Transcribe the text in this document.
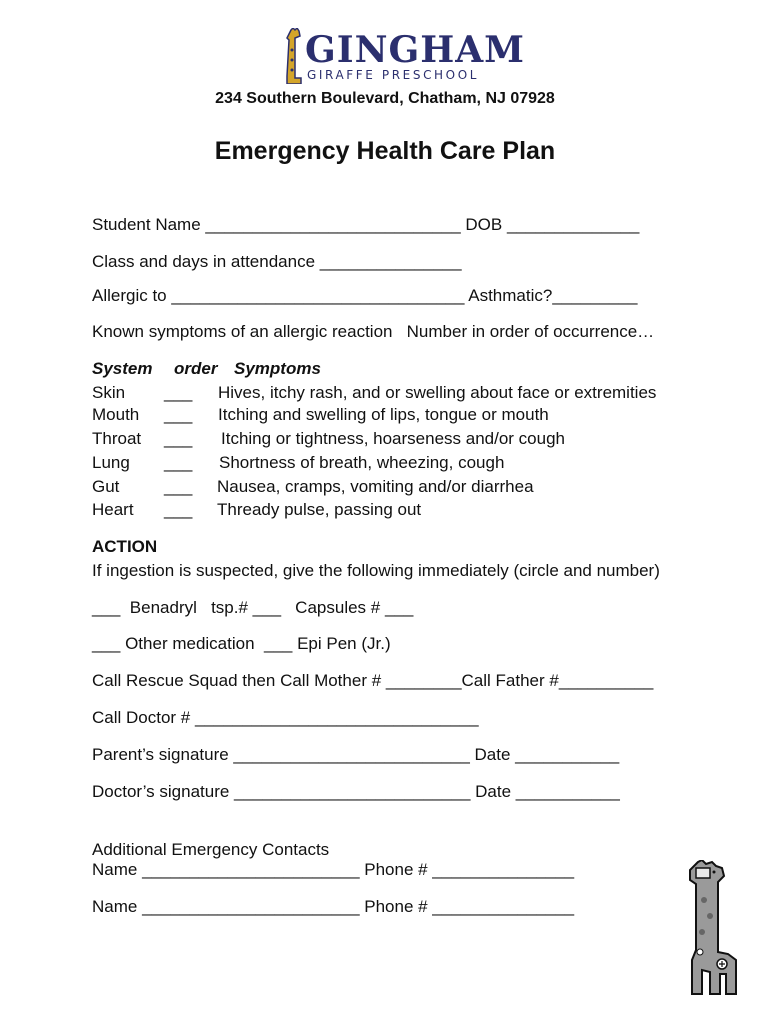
GINGHAM
GIRAFFE PRESCHOOL
234 Southern Boulevard, Chatham, NJ 07928
Emergency Health Care Plan
Student Name ___________________________ DOB ______________
Class and days in attendance _______________
Allergic to _______________________________ Asthmatic?_________
Known symptoms of an allergic reaction   Number in order of occurrence…
System order Symptoms
Skin ___ Hives, itchy rash, and or swelling about face or extremities
Mouth ___ Itching and swelling of lips, tongue or mouth
Throat ___ Itching or tightness, hoarseness and/or cough
Lung ___ Shortness of breath, wheezing, cough
Gut	___ Nausea, cramps, vomiting and/or diarrhea
Heart ___ Thready pulse, passing out
ACTION
If ingestion is suspected, give the following immediately (circle and number)
___  Benadryl   tsp.# ___   Capsules # ___
___ Other medication  ___ Epi Pen (Jr.)
Call Rescue Squad then Call Mother # ________Call Father #__________
Call Doctor # ______________________________
Parent’s signature _________________________ Date ___________
Doctor’s signature _________________________ Date ___________
Additional Emergency Contacts
Name _______________________ Phone # _______________
Name _______________________ Phone # _______________
